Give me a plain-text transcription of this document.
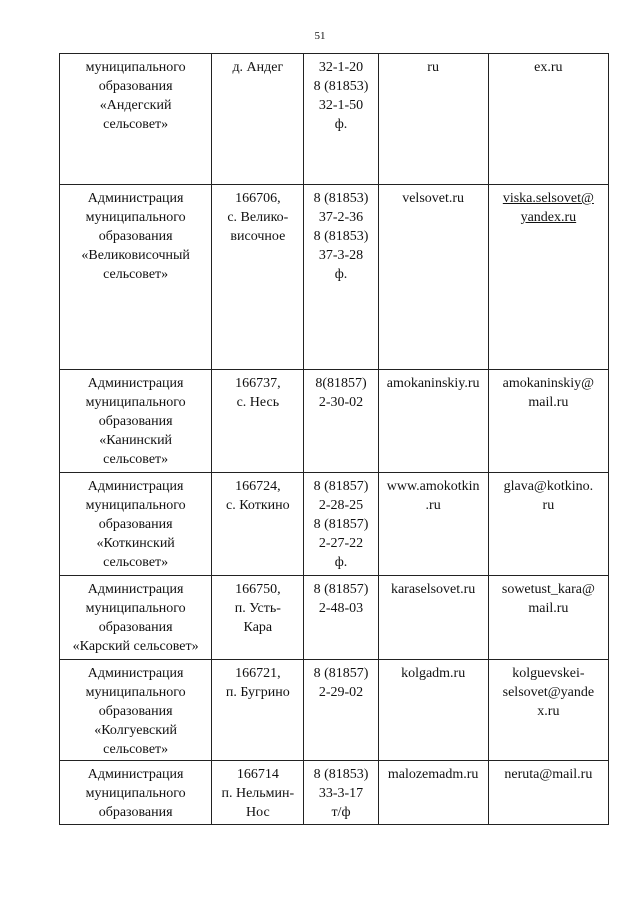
51
муниципального
образования
«Андегский
сельсовет»	д. Андег	32-1-20
8 (81853)
32-1-50
ф.	ru	ex.ru

Администрация
муниципального
образования
«Великовисочный
сельсовет»	166706,
с. Велико-
височное	8 (81853)
37-2-36
8 (81853)
37-3-28
ф.	velsovet.ru	viska.selsovet@
yandex.ru

Администрация
муниципального
образования
«Канинский
сельсовет»	166737,
с. Несь	8(81857)
2-30-02	amokaninskiy.ru	amokaninskiy@
mail.ru

Администрация
муниципального
образования
«Коткинский
сельсовет»	166724,
с. Коткино	8 (81857)
2-28-25
8 (81857)
2-27-22
ф.	www.amokotkin
.ru	glava@kotkino.
ru

Администрация
муниципального
образования
«Карский сельсовет»	166750,
п. Усть-
Кара	8 (81857)
2-48-03	karaselsovet.ru	sowetust_kara@
mail.ru

Администрация
муниципального
образования
«Колгуевский
сельсовет»	166721,
п. Бугрино	8 (81857)
2-29-02	kolgadm.ru	kolguevskei-
selsovet@yande
x.ru

Администрация
муниципального
образования	166714
п. Нельмин-
Нос	8 (81853)
33-3-17
т/ф	malozemadm.ru	neruta@mail.ru
